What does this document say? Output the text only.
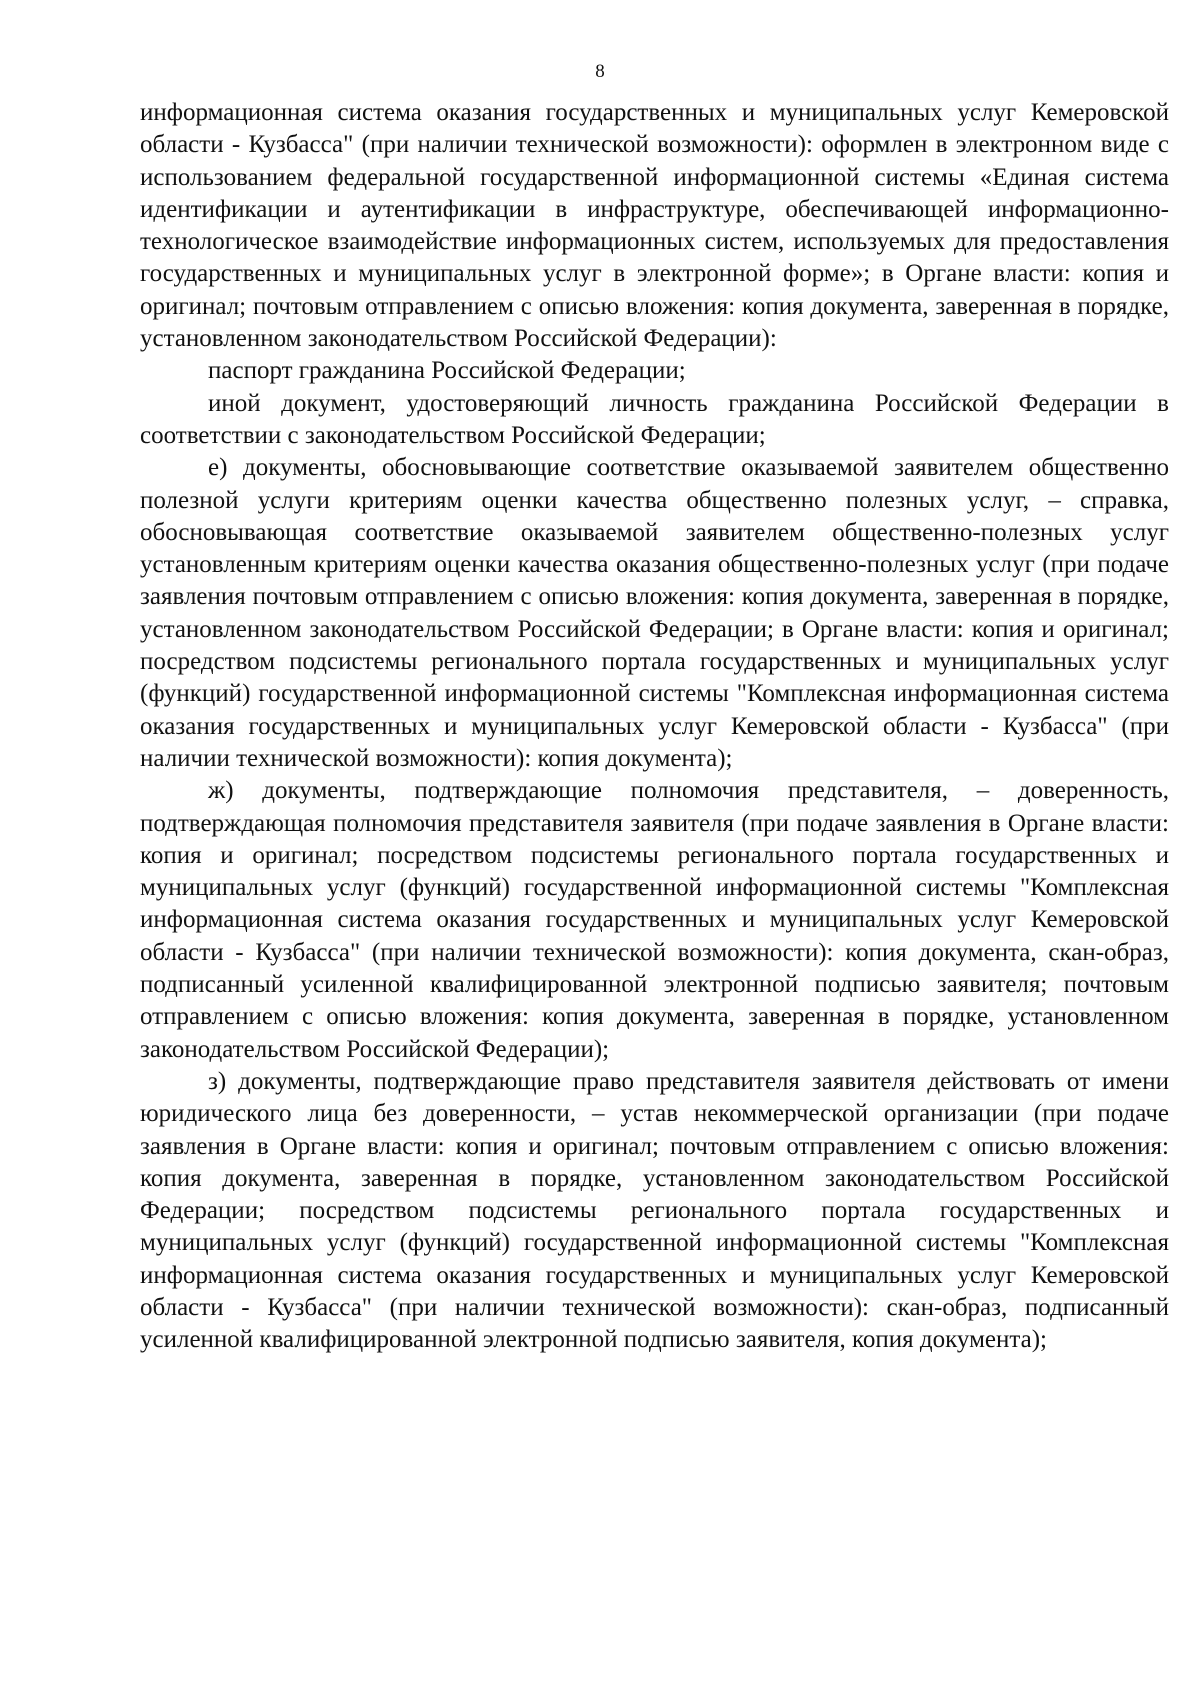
8

информационная система оказания государственных и муниципальных услуг Кемеровской области - Кузбасса" (при наличии технической возможности): оформлен в электронном виде с использованием федеральной государственной информационной системы «Единая система идентификации и аутентификации в инфраструктуре, обеспечивающей информационно-технологическое взаимодействие информационных систем, используемых для предоставления государственных и муниципальных услуг в электронной форме»; в Органе власти: копия и оригинал; почтовым отправлением с описью вложения: копия документа, заверенная в порядке, установленном законодательством Российской Федерации):

паспорт гражданина Российской Федерации;

иной документ, удостоверяющий личность гражданина Российской Федерации в соответствии с законодательством Российской Федерации;

е) документы, обосновывающие соответствие оказываемой заявителем общественно полезной услуги критериям оценки качества общественно полезных услуг, – справка, обосновывающая соответствие оказываемой заявителем общественно-полезных услуг установленным критериям оценки качества оказания общественно-полезных услуг (при подаче заявления почтовым отправлением с описью вложения: копия документа, заверенная в порядке, установленном законодательством Российской Федерации; в Органе власти: копия и оригинал; посредством подсистемы регионального портала государственных и муниципальных услуг (функций) государственной информационной системы "Комплексная информационная система оказания государственных и муниципальных услуг Кемеровской области - Кузбасса" (при наличии технической возможности): копия документа);

ж) документы, подтверждающие полномочия представителя, – доверенность, подтверждающая полномочия представителя заявителя (при подаче заявления в Органе власти: копия и оригинал; посредством подсистемы регионального портала государственных и муниципальных услуг (функций) государственной информационной системы "Комплексная информационная система оказания государственных и муниципальных услуг Кемеровской области - Кузбасса" (при наличии технической возможности): копия документа, скан-образ, подписанный усиленной квалифицированной электронной подписью заявителя; почтовым отправлением с описью вложения: копия документа, заверенная в порядке, установленном законодательством Российской Федерации);

з) документы, подтверждающие право представителя заявителя действовать от имени юридического лица без доверенности, – устав некоммерческой организации (при подаче заявления в Органе власти: копия и оригинал; почтовым отправлением с описью вложения: копия документа, заверенная в порядке, установленном законодательством Российской Федерации; посредством подсистемы регионального портала государственных и муниципальных услуг (функций) государственной информационной системы "Комплексная информационная система оказания государственных и муниципальных услуг Кемеровской области - Кузбасса" (при наличии технической возможности): скан-образ, подписанный усиленной квалифицированной электронной подписью заявителя, копия документа);
